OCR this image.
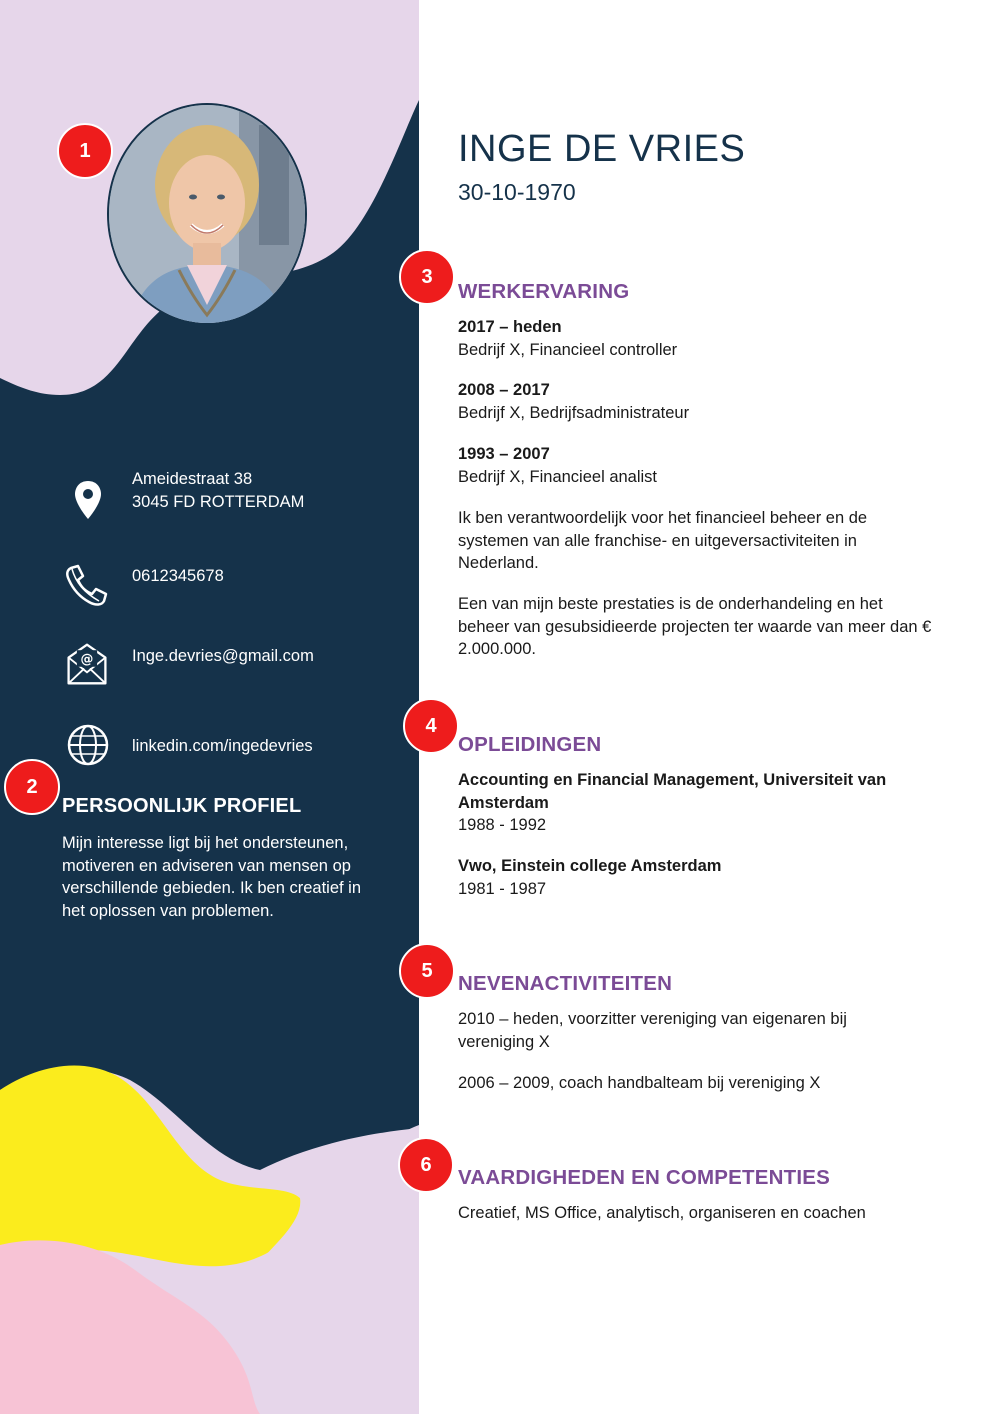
1
2
Ameidestraat 38
3045 FD ROTTERDAM
0612345678
@ Inge.devries@gmail.com
linkedin.com/ingedevries
PERSOONLIJK PROFIEL
Mijn interesse ligt bij het ondersteunen, motiveren en adviseren van mensen op verschillende gebieden. Ik ben creatief in het oplossen van problemen.
INGE DE VRIES
30-10-1970
3
4
5
6
WERKERVARING
2017 – heden
Bedrijf X, Financieel controller
2008 – 2017
Bedrijf X, Bedrijfsadministrateur
1993 – 2007
Bedrijf X, Financieel analist
Ik ben verantwoordelijk voor het financieel beheer en de systemen van alle franchise- en uitgeversactiviteiten in Nederland.
Een van mijn beste prestaties is de onderhandeling en het beheer van gesubsidieerde projecten ter waarde van meer dan € 2.000.000.
OPLEIDINGEN
Accounting en Financial Management, Universiteit van Amsterdam
1988 - 1992
Vwo, Einstein college Amsterdam
1981 - 1987
NEVENACTIVITEITEN
2010 – heden, voorzitter vereniging van eigenaren bij vereniging X
2006 – 2009, coach handbalteam bij vereniging X
VAARDIGHEDEN EN COMPETENTIES
Creatief, MS Office, analytisch, organiseren en coachen
